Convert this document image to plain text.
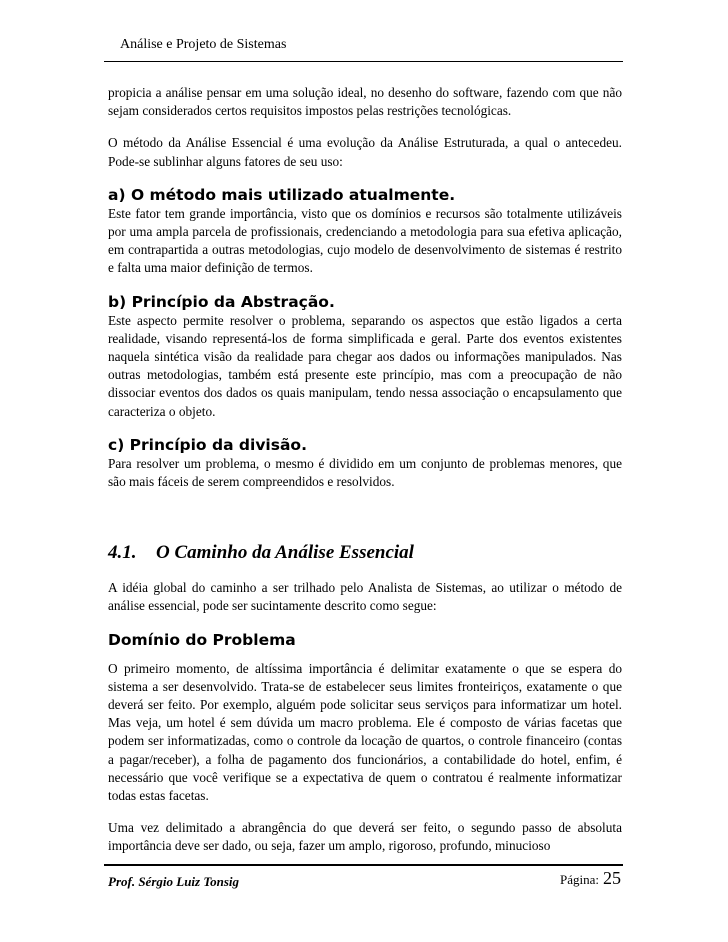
Análise e Projeto de Sistemas

propicia a análise pensar em uma solução ideal, no desenho do software, fazendo com que não sejam considerados certos requisitos impostos pelas restrições tecnológicas.

O método da Análise Essencial é uma evolução da Análise Estruturada, a qual o antecedeu. Pode-se sublinhar alguns fatores de seu uso:

a) O método mais utilizado atualmente.

Este fator tem grande importância, visto que os domínios e recursos são totalmente utilizáveis por uma ampla parcela de profissionais, credenciando a metodologia para sua efetiva aplicação, em contrapartida a outras metodologias, cujo modelo de desenvolvimento de sistemas é restrito e falta uma maior definição de termos.

b) Princípio da Abstração.

Este aspecto permite resolver o problema, separando os aspectos que estão ligados a certa realidade, visando representá-los de forma simplificada e geral. Parte dos eventos existentes naquela sintética visão da realidade para chegar aos dados ou informações manipulados. Nas outras metodologias, também está presente este princípio, mas com a preocupação de não dissociar eventos dos dados os quais manipulam, tendo nessa associação o encapsulamento que caracteriza o objeto.

c) Princípio da divisão.

Para resolver um problema, o mesmo é dividido em um conjunto de problemas menores, que são mais fáceis de serem compreendidos e resolvidos.

4.1. O Caminho da Análise Essencial

A idéia global do caminho a ser trilhado pelo Analista de Sistemas, ao utilizar o método de análise essencial, pode ser sucintamente descrito como segue:

Domínio do Problema

O primeiro momento, de altíssima importância é delimitar exatamente o que se espera do sistema a ser desenvolvido. Trata-se de estabelecer seus limites fronteiriços, exatamente o que deverá ser feito. Por exemplo, alguém pode solicitar seus serviços para informatizar um hotel. Mas veja, um hotel é sem dúvida um macro problema. Ele é composto de várias facetas que podem ser informatizadas, como o controle da locação de quartos, o controle financeiro (contas a pagar/receber), a folha de pagamento dos funcionários, a contabilidade do hotel, enfim, é necessário que você verifique se a expectativa de quem o contratou é realmente informatizar todas estas facetas.

Uma vez delimitado a abrangência do que deverá ser feito, o segundo passo de absoluta importância deve ser dado, ou seja, fazer um amplo, rigoroso, profundo, minucioso

Prof. Sérgio Luiz Tonsig	Página: 25
